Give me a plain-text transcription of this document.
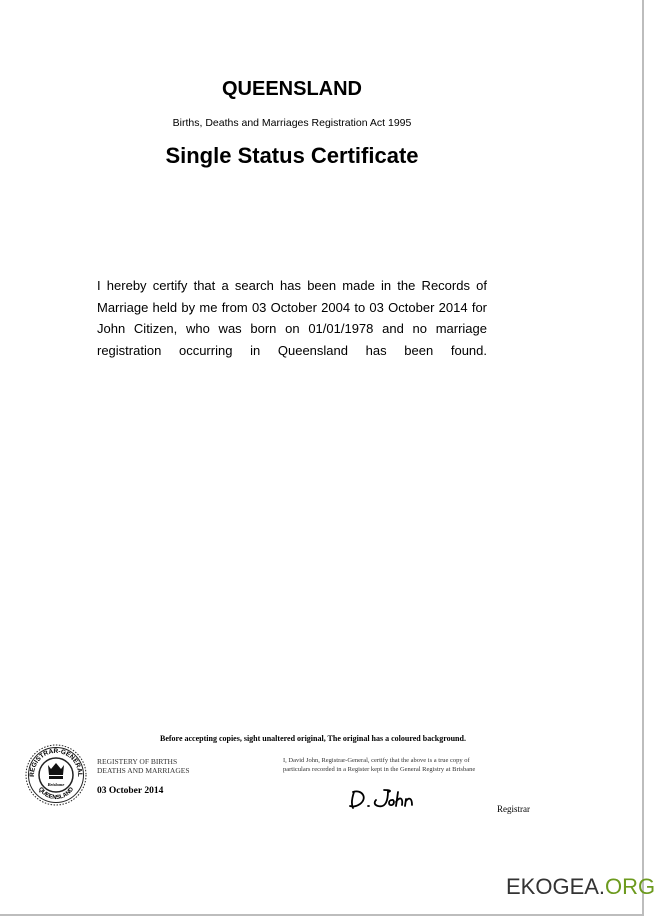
QUEENSLAND
Births, Deaths and Marriages Registration Act 1995
Single Status Certificate

I hereby certify that a search has been made in the Records of Marriage held by me from 03 October 2004 to 03 October 2014 for John Citizen, who was born on 01/01/1978 and no marriage registration occurring in Queensland has been found.

Before accepting copies, sight unaltered original, The original has a coloured background.
REGISTRAR-GENERAL
QUEENSLAND
Brisbane
REGISTERY OF BIRTHS
DEATHS AND MARRIAGES
03 October 2014
I, David John, Registrar-General, certify that the above is a true copy of particulars recorded in a Register kept in the General Registry at Brisbane
Registrar
EKOGEA.ORG
